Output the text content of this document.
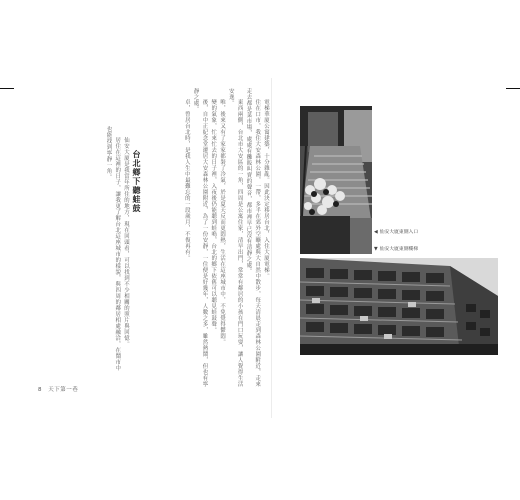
電梯華廈公寓建築，十分雜亂。因此決定移居台北，入住大廈電梯。

住在口市，我住大安森林公園，一帶，多半在郊外空曠處與大自然中散步，每天清晨走到森林公園附近，走來走去都是菜市場，處處有攤販叫賣的聲音，都市裡早已沒有清靜之處。

東西兩側，台北市大安區的一角，四周是公寓住家，清早出門，常常有鄰居的小孩在門口玩耍，讓人覺得生活安逸。

唯，後來又有了家家都裝了冷氣，於是夏天反而更悶熱，生活在這座城市中，不免覺得鬱悶。

變的氣象，忙來忙去的日子裡，入夜後仍能聽到蛙鳴，台北的鄉下依舊可以聽見蛙鼓聲。

後，自中正紀念堂遷居大安森林公園附近，為了一份安靜，一住便是好幾年，人數之多，雖然熱鬧，但也有寧靜之處。

卓，曾居台北時，是我人生中最難忘的一段歲月，不復再有。

台北鄉下聽蛙鼓

仙安大廈是我當年所住的地方，現在回頭看，可以找到不少相關的照片與回憶。

居住在這裡的日子，讓我更了解台北這座城市的樣貌，與四周的鄰居相處融洽，在鬧市中也能找到寧靜一角。

8 天下第一巷
◀ 仙安大廈東側入口
▼ 仙安大廈東側樓梯
